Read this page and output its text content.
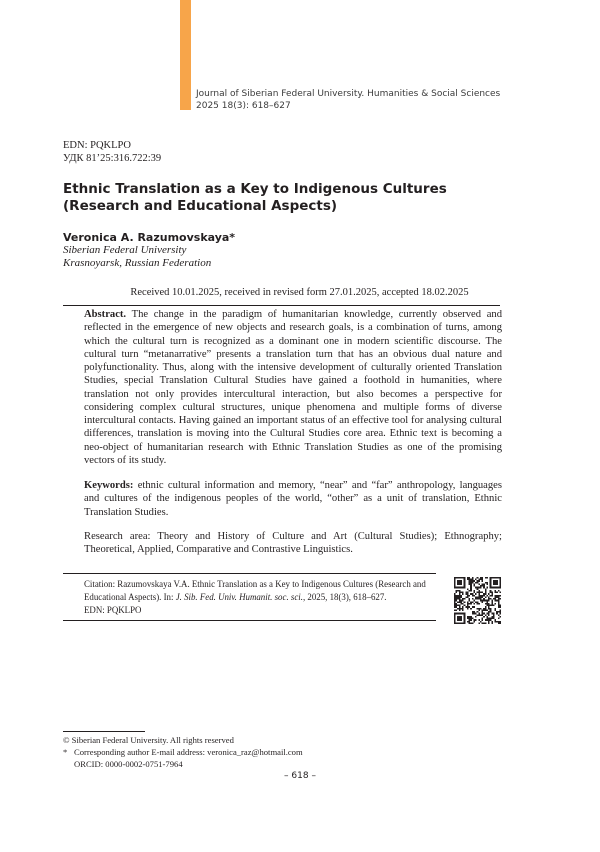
Journal of Siberian Federal University. Humanities & Social Sciences
2025 18(3): 618–627
EDN: PQKLPO
УДК 81’25:316.722:39
Ethnic Translation as a Key to Indigenous Cultures
(Research and Educational Aspects)
Veronica A. Razumovskaya*
Siberian Federal University
Krasnoyarsk, Russian Federation
Received 10.01.2025, received in revised form 27.01.2025, accepted 18.02.2025

Abstract. The change in the paradigm of humanitarian knowledge, currently observed and reflected in the emergence of new objects and research goals, is a combination of turns, among which the cultural turn is recognized as a dominant one in modern scientific discourse. The cultural turn “metanarrative” presents a translation turn that has an obvious dual nature and polyfunctionality. Thus, along with the intensive development of culturally oriented Translation Studies, special Translation Cultural Studies have gained a foothold in humanities, where translation not only provides intercultural interaction, but also becomes a perspective for considering complex cultural structures, unique phenomena and multiple forms of diverse intercultural contacts. Having gained an important status of an effective tool for analysing cultural differences, translation is moving into the Cultural Studies core area. Ethnic text is becoming a neo-object of humanitarian research with Ethnic Translation Studies as one of the promising vectors of its study.

Keywords: ethnic cultural information and memory, “near” and “far” anthropology, languages and cultures of the indigenous peoples of the world, “other” as a unit of translation, Ethnic Translation Studies.

Research area: Theory and History of Culture and Art (Cultural Studies); Ethnography; Theoretical, Applied, Comparative and Contrastive Linguistics.

Citation: Razumovskaya V.A. Ethnic Translation as a Key to Indigenous Cultures (Research and Educational Aspects). In: J. Sib. Fed. Univ. Humanit. soc. sci., 2025, 18(3), 618–627.
EDN: PQKLPO
© Siberian Federal University. All rights reserved
* Corresponding author E-mail address: veronica_raz@hotmail.com
ORCID: 0000-0002-0751-7964
– 618 –
